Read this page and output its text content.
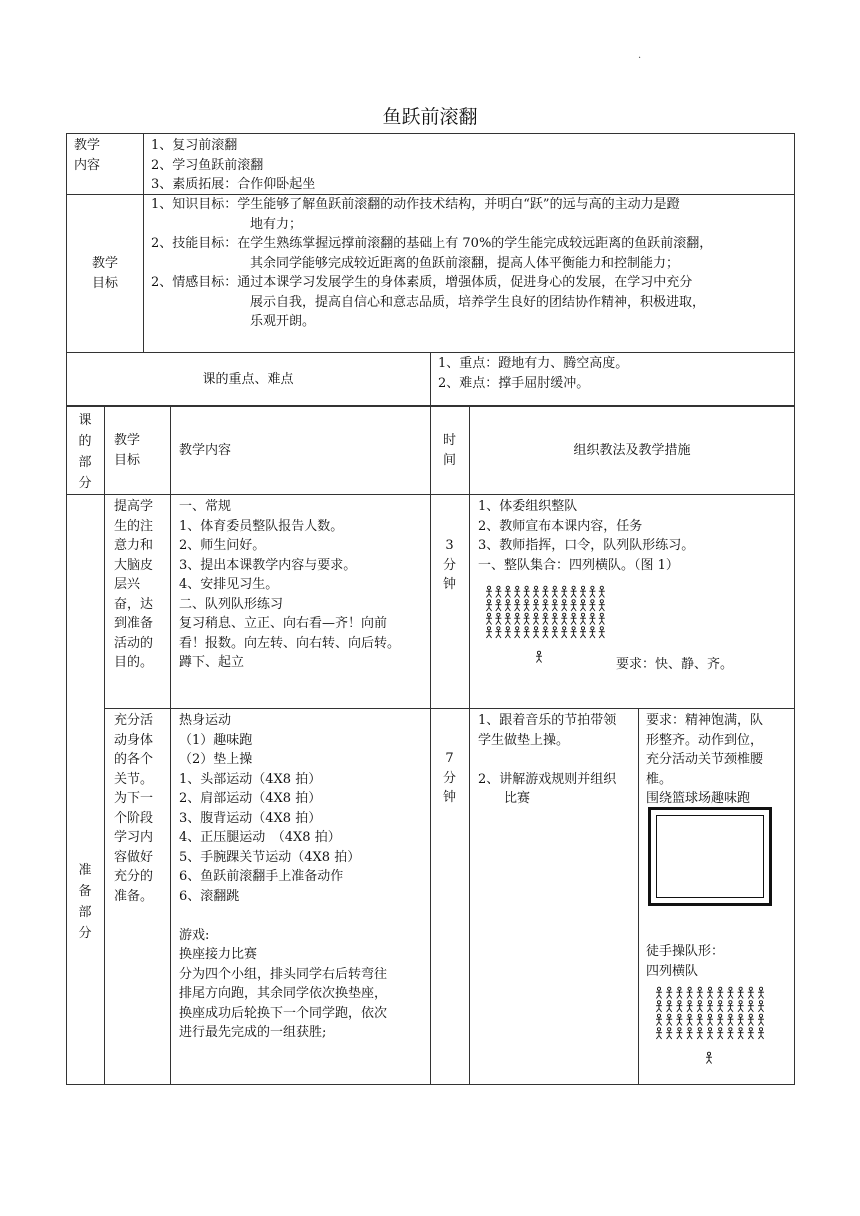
·
鱼跃前滚翻
教学
内容
1、复习前滚翻
2、学习鱼跃前滚翻
3、素质拓展：合作仰卧起坐
教学
目标
1、知识目标：学生能够了解鱼跃前滚翻的动作技术结构，并明白“跃”的远与高的主动力是蹬
地有力；
2、技能目标：在学生熟练掌握远撑前滚翻的基础上有 70%的学生能完成较远距离的鱼跃前滚翻，
其余同学能够完成较近距离的鱼跃前滚翻，提高人体平衡能力和控制能力；
2、情感目标：通过本课学习发展学生的身体素质，增强体质，促进身心的发展，在学习中充分
展示自我，提高自信心和意志品质，培养学生良好的团结协作精神，积极进取，
乐观开朗。
课的重点、难点
1、重点：蹬地有力、腾空高度。
2、难点：撑手屈肘缓冲。
课的部分
教学
目标
教学内容
时
间
组织教法及教学措施
提高学
生的注
意力和
大脑皮
层兴
奋，达
到准备
活动的
目的。
一、常规
1、体育委员整队报告人数。
2、师生问好。
3、提出本课教学内容与要求。
4、安排见习生。
二、队列队形练习
复习稍息、立正、向右看—齐！向前
看！报数。向左转、向右转、向后转。
蹲下、起立
3
分
钟
1、体委组织整队
2、教师宣布本课内容，任务
3、教师指挥，口令，队列队形练习。
一、整队集合：四列横队。（图 1）
要求：快、静、齐。
准
备
部
分
充分活
动身体
的各个
关节。
为下一
个阶段
学习内
容做好
充分的
准备。
热身运动
（1）趣味跑
（2）垫上操
1、头部运动（4X8 拍）
2、肩部运动（4X8 拍）
3、腹背运动（4X8 拍）
4、正压腿运动　（4X8 拍）
5、手腕踝关节运动（4X8 拍）
6、鱼跃前滚翻手上准备动作
6、滚翻跳

游戏:
换座接力比赛
分为四个小组，排头同学右后转弯往
排尾方向跑，其余同学依次换垫座，
换座成功后轮换下一个同学跑，依次
进行最先完成的一组获胜;
7
分
钟
1、跟着音乐的节拍带领
学生做垫上操。

2、讲解游戏规则并组织
比赛
要求：精神饱满，队
形整齐。动作到位，
充分活动关节颈椎腰
椎。
围绕篮球场趣味跑
徒手操队形：
四列横队
